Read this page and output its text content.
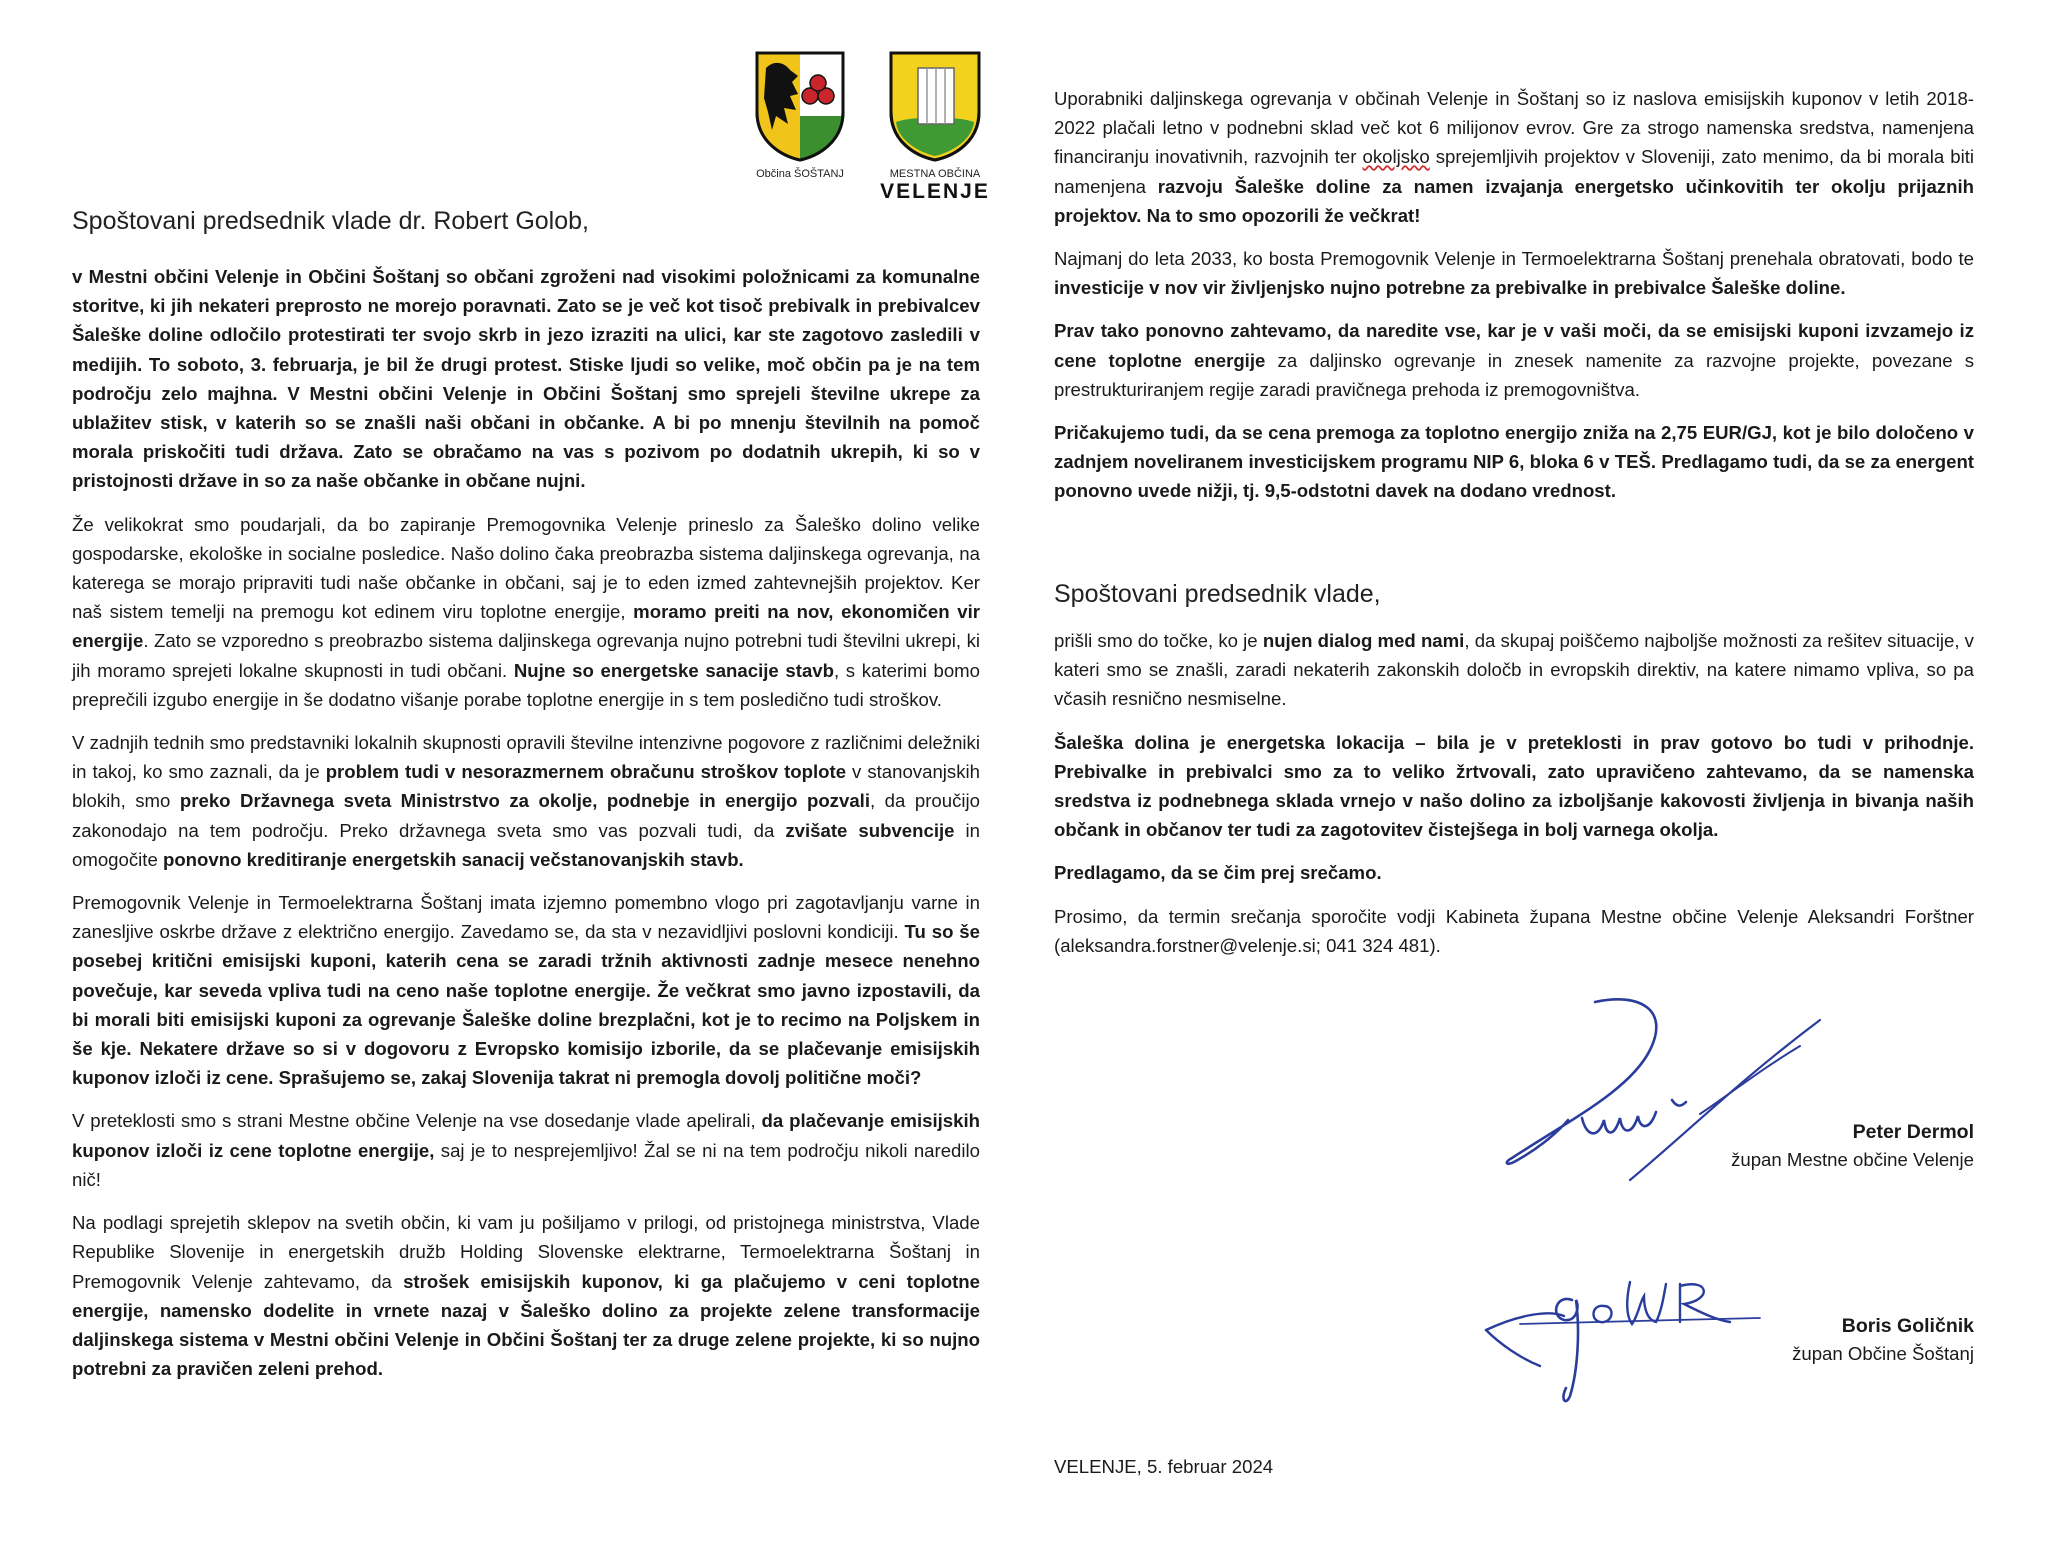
Občina ŠOŠTANJ	MESTNA OBČINA
VELENJE
Spoštovani predsednik vlade dr. Robert Golob,

v Mestni občini Velenje in Občini Šoštanj so občani zgroženi nad visokimi položnicami za komunalne storitve, ki jih nekateri preprosto ne morejo poravnati. Zato se je več kot tisoč prebivalk in prebivalcev Šaleške doline odločilo protestirati ter svojo skrb in jezo izraziti na ulici, kar ste zagotovo zasledili v medijih. To soboto, 3. februarja, je bil že drugi protest. Stiske ljudi so velike, moč občin pa je na tem področju zelo majhna. V Mestni občini Velenje in Občini Šoštanj smo sprejeli številne ukrepe za ublažitev stisk, v katerih so se znašli naši občani in občanke. A bi po mnenju številnih na pomoč morala priskočiti tudi država. Zato se obračamo na vas s pozivom po dodatnih ukrepih, ki so v pristojnosti države in so za naše občanke in občane nujni.

Že velikokrat smo poudarjali, da bo zapiranje Premogovnika Velenje prineslo za Šaleško dolino velike gospodarske, ekološke in socialne posledice. Našo dolino čaka preobrazba sistema daljinskega ogrevanja, na katerega se morajo pripraviti tudi naše občanke in občani, saj je to eden izmed zahtevnejših projektov. Ker naš sistem temelji na premogu kot edinem viru toplotne energije, moramo preiti na nov, ekonomičen vir energije. Zato se vzporedno s preobrazbo sistema daljinskega ogrevanja nujno potrebni tudi številni ukrepi, ki jih moramo sprejeti lokalne skupnosti in tudi občani. Nujne so energetske sanacije stavb, s katerimi bomo preprečili izgubo energije in še dodatno višanje porabe toplotne energije in s tem posledično tudi stroškov.

V zadnjih tednih smo predstavniki lokalnih skupnosti opravili številne intenzivne pogovore z različnimi deležniki in takoj, ko smo zaznali, da je problem tudi v nesorazmernem obračunu stroškov toplote v stanovanjskih blokih, smo preko Državnega sveta Ministrstvo za okolje, podnebje in energijo pozvali, da proučijo zakonodajo na tem področju. Preko državnega sveta smo vas pozvali tudi, da zvišate subvencije in omogočite ponovno kreditiranje energetskih sanacij večstanovanjskih stavb.

Premogovnik Velenje in Termoelektrarna Šoštanj imata izjemno pomembno vlogo pri zagotavljanju varne in zanesljive oskrbe države z električno energijo. Zavedamo se, da sta v nezavidljivi poslovni kondiciji. Tu so še posebej kritični emisijski kuponi, katerih cena se zaradi tržnih aktivnosti zadnje mesece nenehno povečuje, kar seveda vpliva tudi na ceno naše toplotne energije. Že večkrat smo javno izpostavili, da bi morali biti emisijski kuponi za ogrevanje Šaleške doline brezplačni, kot je to recimo na Poljskem in še kje. Nekatere države so si v dogovoru z Evropsko komisijo izborile, da se plačevanje emisijskih kuponov izloči iz cene. Sprašujemo se, zakaj Slovenija takrat ni premogla dovolj politične moči?

V preteklosti smo s strani Mestne občine Velenje na vse dosedanje vlade apelirali, da plačevanje emisijskih kuponov izloči iz cene toplotne energije, saj je to nesprejemljivo! Žal se ni na tem področju nikoli naredilo nič!

Na podlagi sprejetih sklepov na svetih občin, ki vam ju pošiljamo v prilogi, od pristojnega ministrstva, Vlade Republike Slovenije in energetskih družb Holding Slovenske elektrarne, Termoelektrarna Šoštanj in Premogovnik Velenje zahtevamo, da strošek emisijskih kuponov, ki ga plačujemo v ceni toplotne energije, namensko dodelite in vrnete nazaj v Šaleško dolino za projekte zelene transformacije daljinskega sistema v Mestni občini Velenje in Občini Šoštanj ter za druge zelene projekte, ki so nujno potrebni za pravičen zeleni prehod.

Uporabniki daljinskega ogrevanja v občinah Velenje in Šoštanj so iz naslova emisijskih kuponov v letih 2018-2022 plačali letno v podnebni sklad več kot 6 milijonov evrov. Gre za strogo namenska sredstva, namenjena financiranju inovativnih, razvojnih ter okoljsko sprejemljivih projektov v Sloveniji, zato menimo, da bi morala biti namenjena razvoju Šaleške doline za namen izvajanja energetsko učinkovitih ter okolju prijaznih projektov. Na to smo opozorili že večkrat!

Najmanj do leta 2033, ko bosta Premogovnik Velenje in Termoelektrarna Šoštanj prenehala obratovati, bodo te investicije v nov vir življenjsko nujno potrebne za prebivalke in prebivalce Šaleške doline.

Prav tako ponovno zahtevamo, da naredite vse, kar je v vaši moči, da se emisijski kuponi izvzamejo iz cene toplotne energije za daljinsko ogrevanje in znesek namenite za razvojne projekte, povezane s prestrukturiranjem regije zaradi pravičnega prehoda iz premogovništva.

Pričakujemo tudi, da se cena premoga za toplotno energijo zniža na 2,75 EUR/GJ, kot je bilo določeno v zadnjem noveliranem investicijskem programu NIP 6, bloka 6 v TEŠ. Predlagamo tudi, da se za energent ponovno uvede nižji, tj. 9,5-odstotni davek na dodano vrednost.

Spoštovani predsednik vlade,

prišli smo do točke, ko je nujen dialog med nami, da skupaj poiščemo najboljše možnosti za rešitev situacije, v kateri smo se znašli, zaradi nekaterih zakonskih določb in evropskih direktiv, na katere nimamo vpliva, so pa včasih resnično nesmiselne.

Šaleška dolina je energetska lokacija – bila je v preteklosti in prav gotovo bo tudi v prihodnje. Prebivalke in prebivalci smo za to veliko žrtvovali, zato upravičeno zahtevamo, da se namenska sredstva iz podnebnega sklada vrnejo v našo dolino za izboljšanje kakovosti življenja in bivanja naših občank in občanov ter tudi za zagotovitev čistejšega in bolj varnega okolja.

Predlagamo, da se čim prej srečamo.

Prosimo, da termin srečanja sporočite vodji Kabineta župana Mestne občine Velenje Aleksandri Forštner (aleksandra.forstner@velenje.si; 041 324 481).

Peter Dermol
župan Mestne občine Velenje
Boris Goličnik
župan Občine Šoštanj
VELENJE, 5. februar 2024
